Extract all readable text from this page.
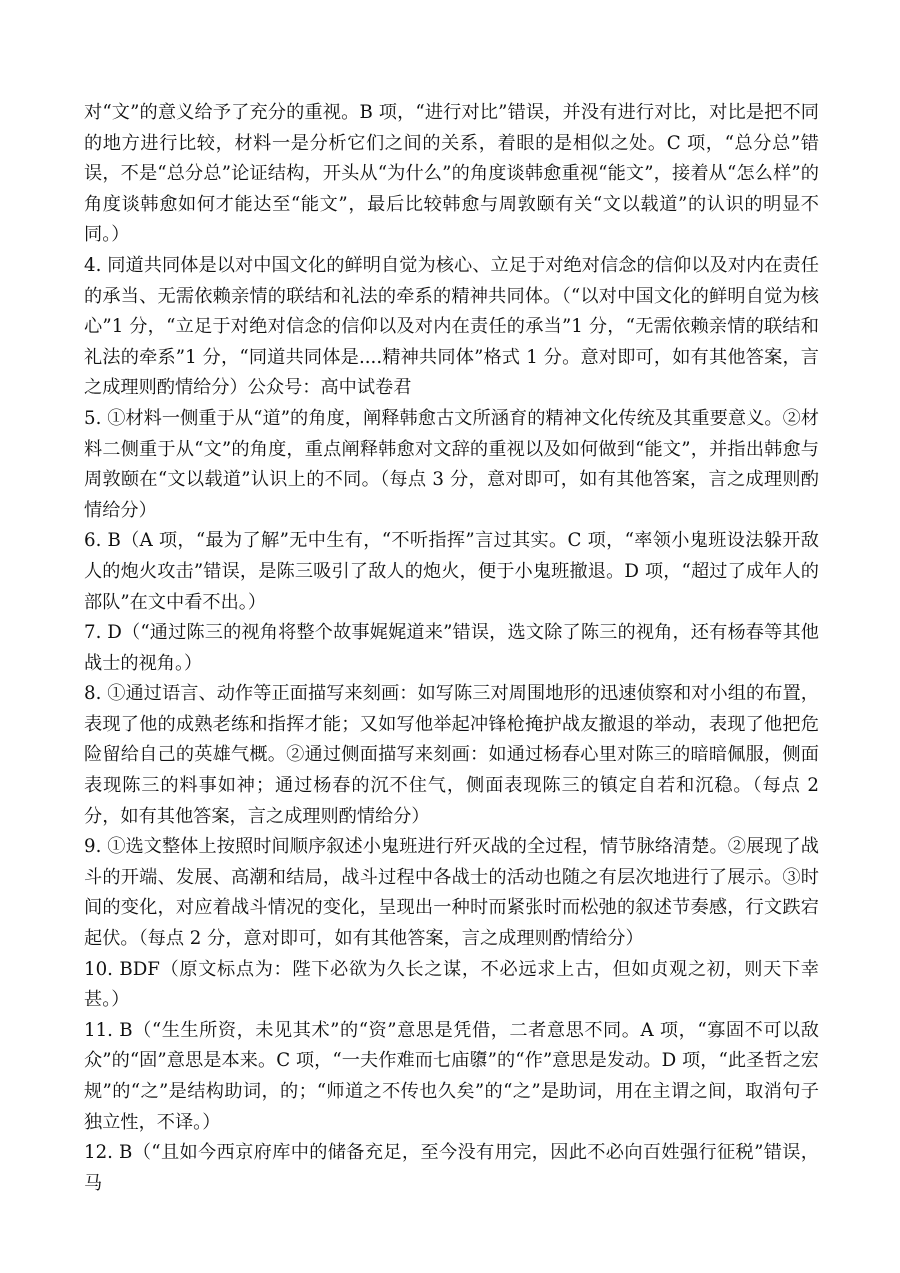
对“文”的意义给予了充分的重视。B 项，“进行对比”错误，并没有进行对比，对比是把不同的地方进行比较，材料一是分析它们之间的关系，着眼的是相似之处。C 项，“总分总”错误，不是“总分总”论证结构，开头从“为什么”的角度谈韩愈重视“能文”，接着从“怎么样”的角度谈韩愈如何才能达至“能文”，最后比较韩愈与周敦颐有关“文以载道”的认识的明显不同。）

4. 同道共同体是以对中国文化的鲜明自觉为核心、立足于对绝对信念的信仰以及对内在责任的承当、无需依赖亲情的联结和礼法的牵系的精神共同体。（“以对中国文化的鲜明自觉为核心”1 分，“立足于对绝对信念的信仰以及对内在责任的承当”1 分，“无需依赖亲情的联结和礼法的牵系”1 分，“同道共同体是....精神共同体”格式 1 分。意对即可，如有其他答案，言之成理则酌情给分）公众号：高中试卷君

5. ①材料一侧重于从“道”的角度，阐释韩愈古文所涵育的精神文化传统及其重要意义。②材料二侧重于从“文”的角度，重点阐释韩愈对文辞的重视以及如何做到“能文”，并指出韩愈与周敦颐在“文以载道”认识上的不同。（每点 3 分，意对即可，如有其他答案，言之成理则酌情给分）

6. B（A 项，“最为了解”无中生有，“不听指挥”言过其实。C 项，“率领小鬼班设法躲开敌人的炮火攻击”错误，是陈三吸引了敌人的炮火，便于小鬼班撤退。D 项，“超过了成年人的部队”在文中看不出。）

7. D（“通过陈三的视角将整个故事娓娓道来”错误，选文除了陈三的视角，还有杨春等其他战士的视角。）

8. ①通过语言、动作等正面描写来刻画：如写陈三对周围地形的迅速侦察和对小组的布置，表现了他的成熟老练和指挥才能；又如写他举起冲锋枪掩护战友撤退的举动，表现了他把危险留给自己的英雄气概。②通过侧面描写来刻画：如通过杨春心里对陈三的暗暗佩服，侧面表现陈三的料事如神；通过杨春的沉不住气，侧面表现陈三的镇定自若和沉稳。（每点 2 分，如有其他答案，言之成理则酌情给分）

9. ①选文整体上按照时间顺序叙述小鬼班进行歼灭战的全过程，情节脉络清楚。②展现了战斗的开端、发展、高潮和结局，战斗过程中各战士的活动也随之有层次地进行了展示。③时间的变化，对应着战斗情况的变化，呈现出一种时而紧张时而松弛的叙述节奏感，行文跌宕起伏。（每点 2 分，意对即可，如有其他答案，言之成理则酌情给分）

10. BDF（原文标点为：陛下必欲为久长之谋，不必远求上古，但如贞观之初，则天下幸甚。）

11. B（“生生所资，未见其术”的“资”意思是凭借，二者意思不同。A 项，“寡固不可以敌众”的“固”意思是本来。C 项，“一夫作难而七庙隳”的“作”意思是发动。D 项，“此圣哲之宏规”的“之”是结构助词，的；“师道之不传也久矣”的“之”是助词，用在主谓之间，取消句子独立性，不译。）

12. B（“且如今西京府库中的储备充足，至今没有用完，因此不必向百姓强行征税”错误，马
